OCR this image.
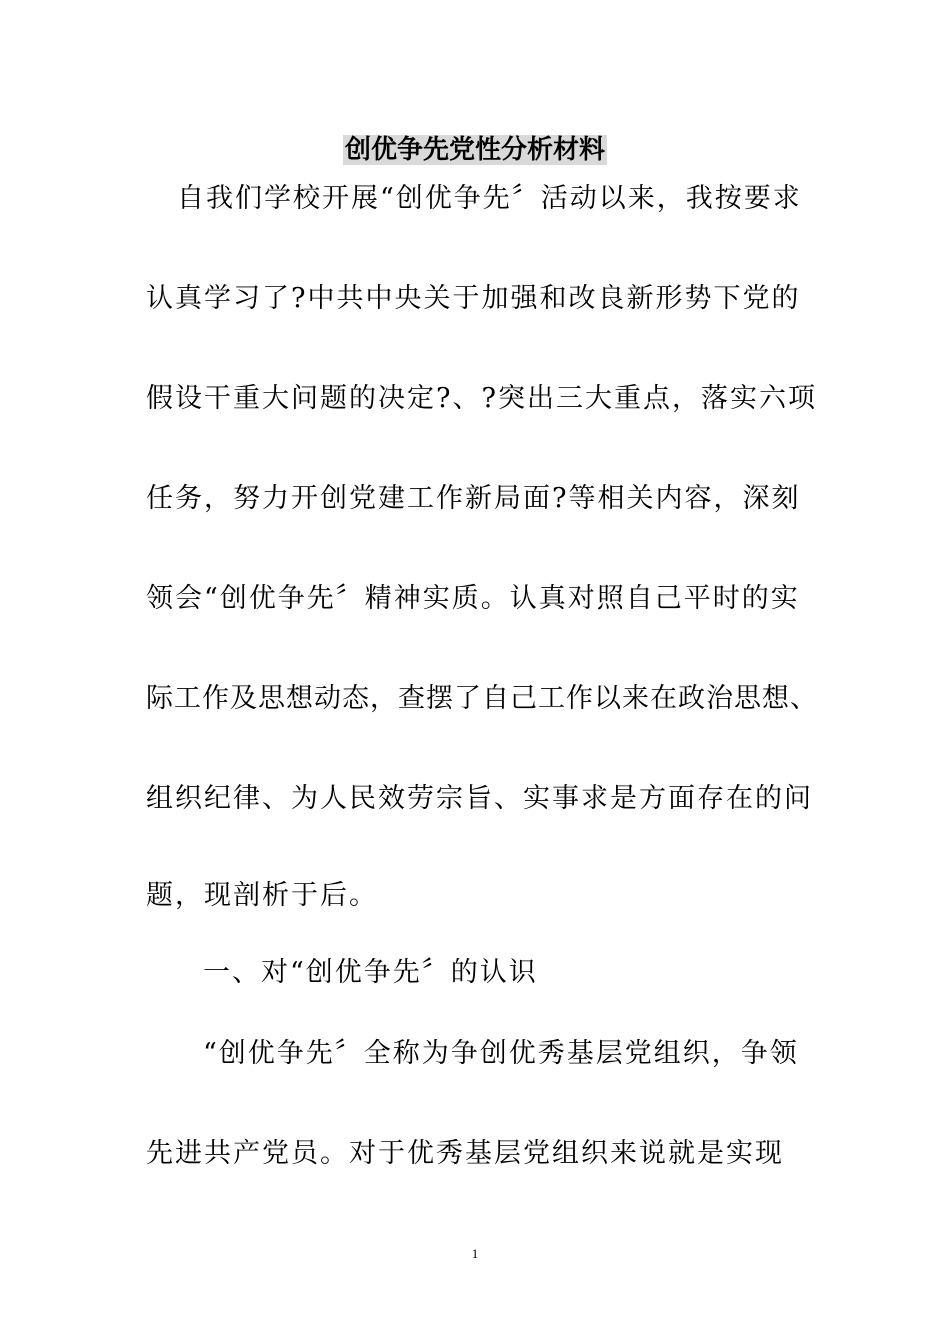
创优争先党性分析材料
自我们学校开展“创优争先〞活动以来，我按要求
认真学习了?中共中央关于加强和改良新形势下党的
假设干重大问题的决定?、?突出三大重点，落实六项
任务，努力开创党建工作新局面?等相关内容，深刻
领会“创优争先〞精神实质。认真对照自己平时的实
际工作及思想动态，查摆了自己工作以来在政治思想、
组织纪律、为人民效劳宗旨、实事求是方面存在的问
题，现剖析于后。
一、对“创优争先〞的认识
“创优争先〞全称为争创优秀基层党组织，争领
先进共产党员。对于优秀基层党组织来说就是实现
1
